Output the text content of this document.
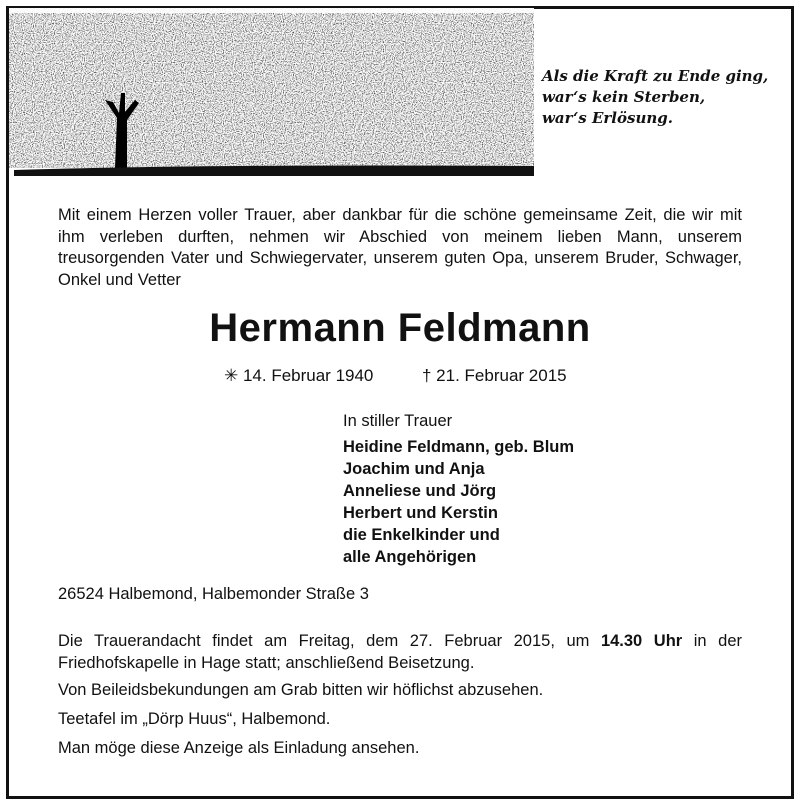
Als die Kraft zu Ende ging,
war‘s kein Sterben,
war‘s Erlösung.
Mit einem Herzen voller Trauer, aber dankbar für die schöne gemeinsame Zeit, die wir mit ihm verleben durften, nehmen wir Abschied von meinem lieben Mann, unserem treusorgenden Vater und Schwiegervater, unserem guten Opa, unserem Bruder, Schwager, Onkel und Vetter
Hermann Feldmann
✳ 14. Februar 1940	† 21. Februar 2015
In stiller Trauer
Heidine Feldmann, geb. Blum
Joachim und Anja
Anneliese und Jörg
Herbert und Kerstin
die Enkelkinder und
alle Angehörigen
26524 Halbemond, Halbemonder Straße 3
Die Trauerandacht findet am Freitag, dem 27. Februar 2015, um 14.30 Uhr in der Friedhofskapelle in Hage statt; anschließend Beisetzung.
Von Beileidsbekundungen am Grab bitten wir höflichst abzusehen.
Teetafel im „Dörp Huus“, Halbemond.
Man möge diese Anzeige als Einladung ansehen.
